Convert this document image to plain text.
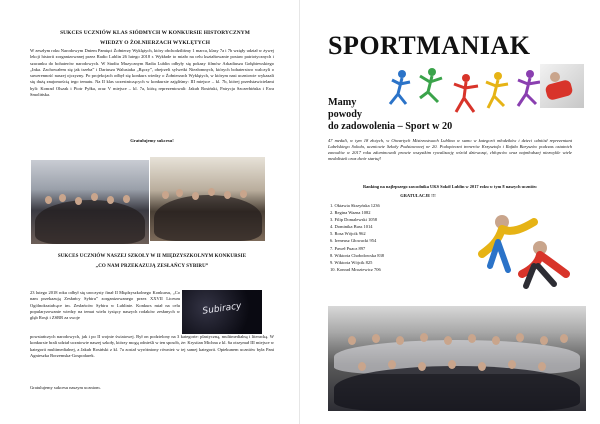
SUKCES UCZNIÓW KLAS SIÓDMYCH W KONKURSIE HISTORYCZNYM
WIEDZY O ŻOŁNIERZACH WYKLĘTYCH
W zeszłym roku Narodowym Dniem Pamięci Żołnierzy Wyklętych, który obchodziliśmy 1 marca, klasy 7a i 7b wzięły udział w żywej lekcji historii zorganizowanej przez Radio Lublin 26 lutego 2018 r. Wykłade to miało na celu kształtowanie postaw patriotycznych i szacunku do bohaterów narodowych. W Studiu Muzycznym Radia Lublin odbyły się pokazy filmów Arkadiusza Gołębiewskiego „Inka. Zachowałem się jak trzeba” i Dariusza Walusiaka „Ręczy”, obejrzeli sylwetki Niezłomnych, których bohaterstwo walczyli o suwerenność naszej ojczyzny. Po projekcjach odbył się konkurs wiedzy o Żołnierzach Wyklętych, w którym nasi uczniowie wykazali się dużą znajomością tego tematu. Na II klas uczestniczących w konkursie zajęliśmy: III miejsce – kl. 7b, której przedstawicielami byli: Konrad Olszak i Piotr Pyłka, oraz V miejsce – kl. 7a, którą reprezentowali: Jakub Rosiński, Patrycja Szczerbińska i Ewa Smolińska.
Gratulujemy sukcesu!
SUKCES UCZNIÓW NASZEJ SZKOŁY W II MIĘDZYSZKOLNYM KONKURSIE
„CO NAM PRZEKAZUJĄ ZESŁAŃCY SYBIRU”
23 lutego 2018 roku odbył się uroczysty finał II Międzyszkolnego Konkursu, „Co nam przekazują Zesłańcy Sybiru” zorganizowanego przez XXVII Liceum Ogólnokształcące im. Zesłańców Sybiru w Lublinie. Konkurs miał na celu popularyzowanie wiedzy na temat wielu tysięcy naszych rodaków zesłanych w głąb Rosji i ZSRR za swoje
Subiracy
powstańczych narodowych, jak i po II wojnie światowej. Był on podzielony na 3 kategorie: plastyczną, multimedialną i literacką. W konkursie brali udział uczniowie naszej szkoły, którzy mogą odnieśli w ten sposób, że: Krystian Michna z kl. 6a otrzymał III miejsce w kategorii multimedialnej, a Jakub Rosiński z kl. 7a został wyróżniony również w tej samej kategorii. Opiekunem uczniów była Pani Agnieszka Borzemska-Gospodarek.
Gratulujemy sukcesu naszym uczniom.
SPORTMANIAK
Mamy
powody
do zadowolenia – Sport w 20
47 medali, w tym 18 złotych, w Otwartych Mistrzostwach Lublina w sumo w kategorii młodzików i dzieci odniósł reprezentant Lubelskiego Sokoła, uczniowie Szkoły Podstawowej nr 20. Podopieczni trenerów Krzysztofa i Rafała Baryszów podczas ostatnich zawodów w 2017 roku zdominowali prawie wszystkim rywalizację wśród dziewcząt, chłopców oraz najmłodszej niezwykle wiele medalistek oraz dwór startuj!
Ranking na najlepszego zawodnika UKS Sokół Lublin w 2017 roku w tym 8 naszych uczniów
GRATULACJE !!!
1. Oktawia Skrzyńska 1236
2. Regina Wazna 1082
3. Filip Domalewski 1058
4. Dominika Buss 1014
5. Rosa Wójcik 962
6. Ireneusz Głowacki 954
7. Paweł Puacz 897
8. Wiktoria Chołodowska 838
9. Wiktoria Wójcik 825
10. Konrad Mroziewicz 706
